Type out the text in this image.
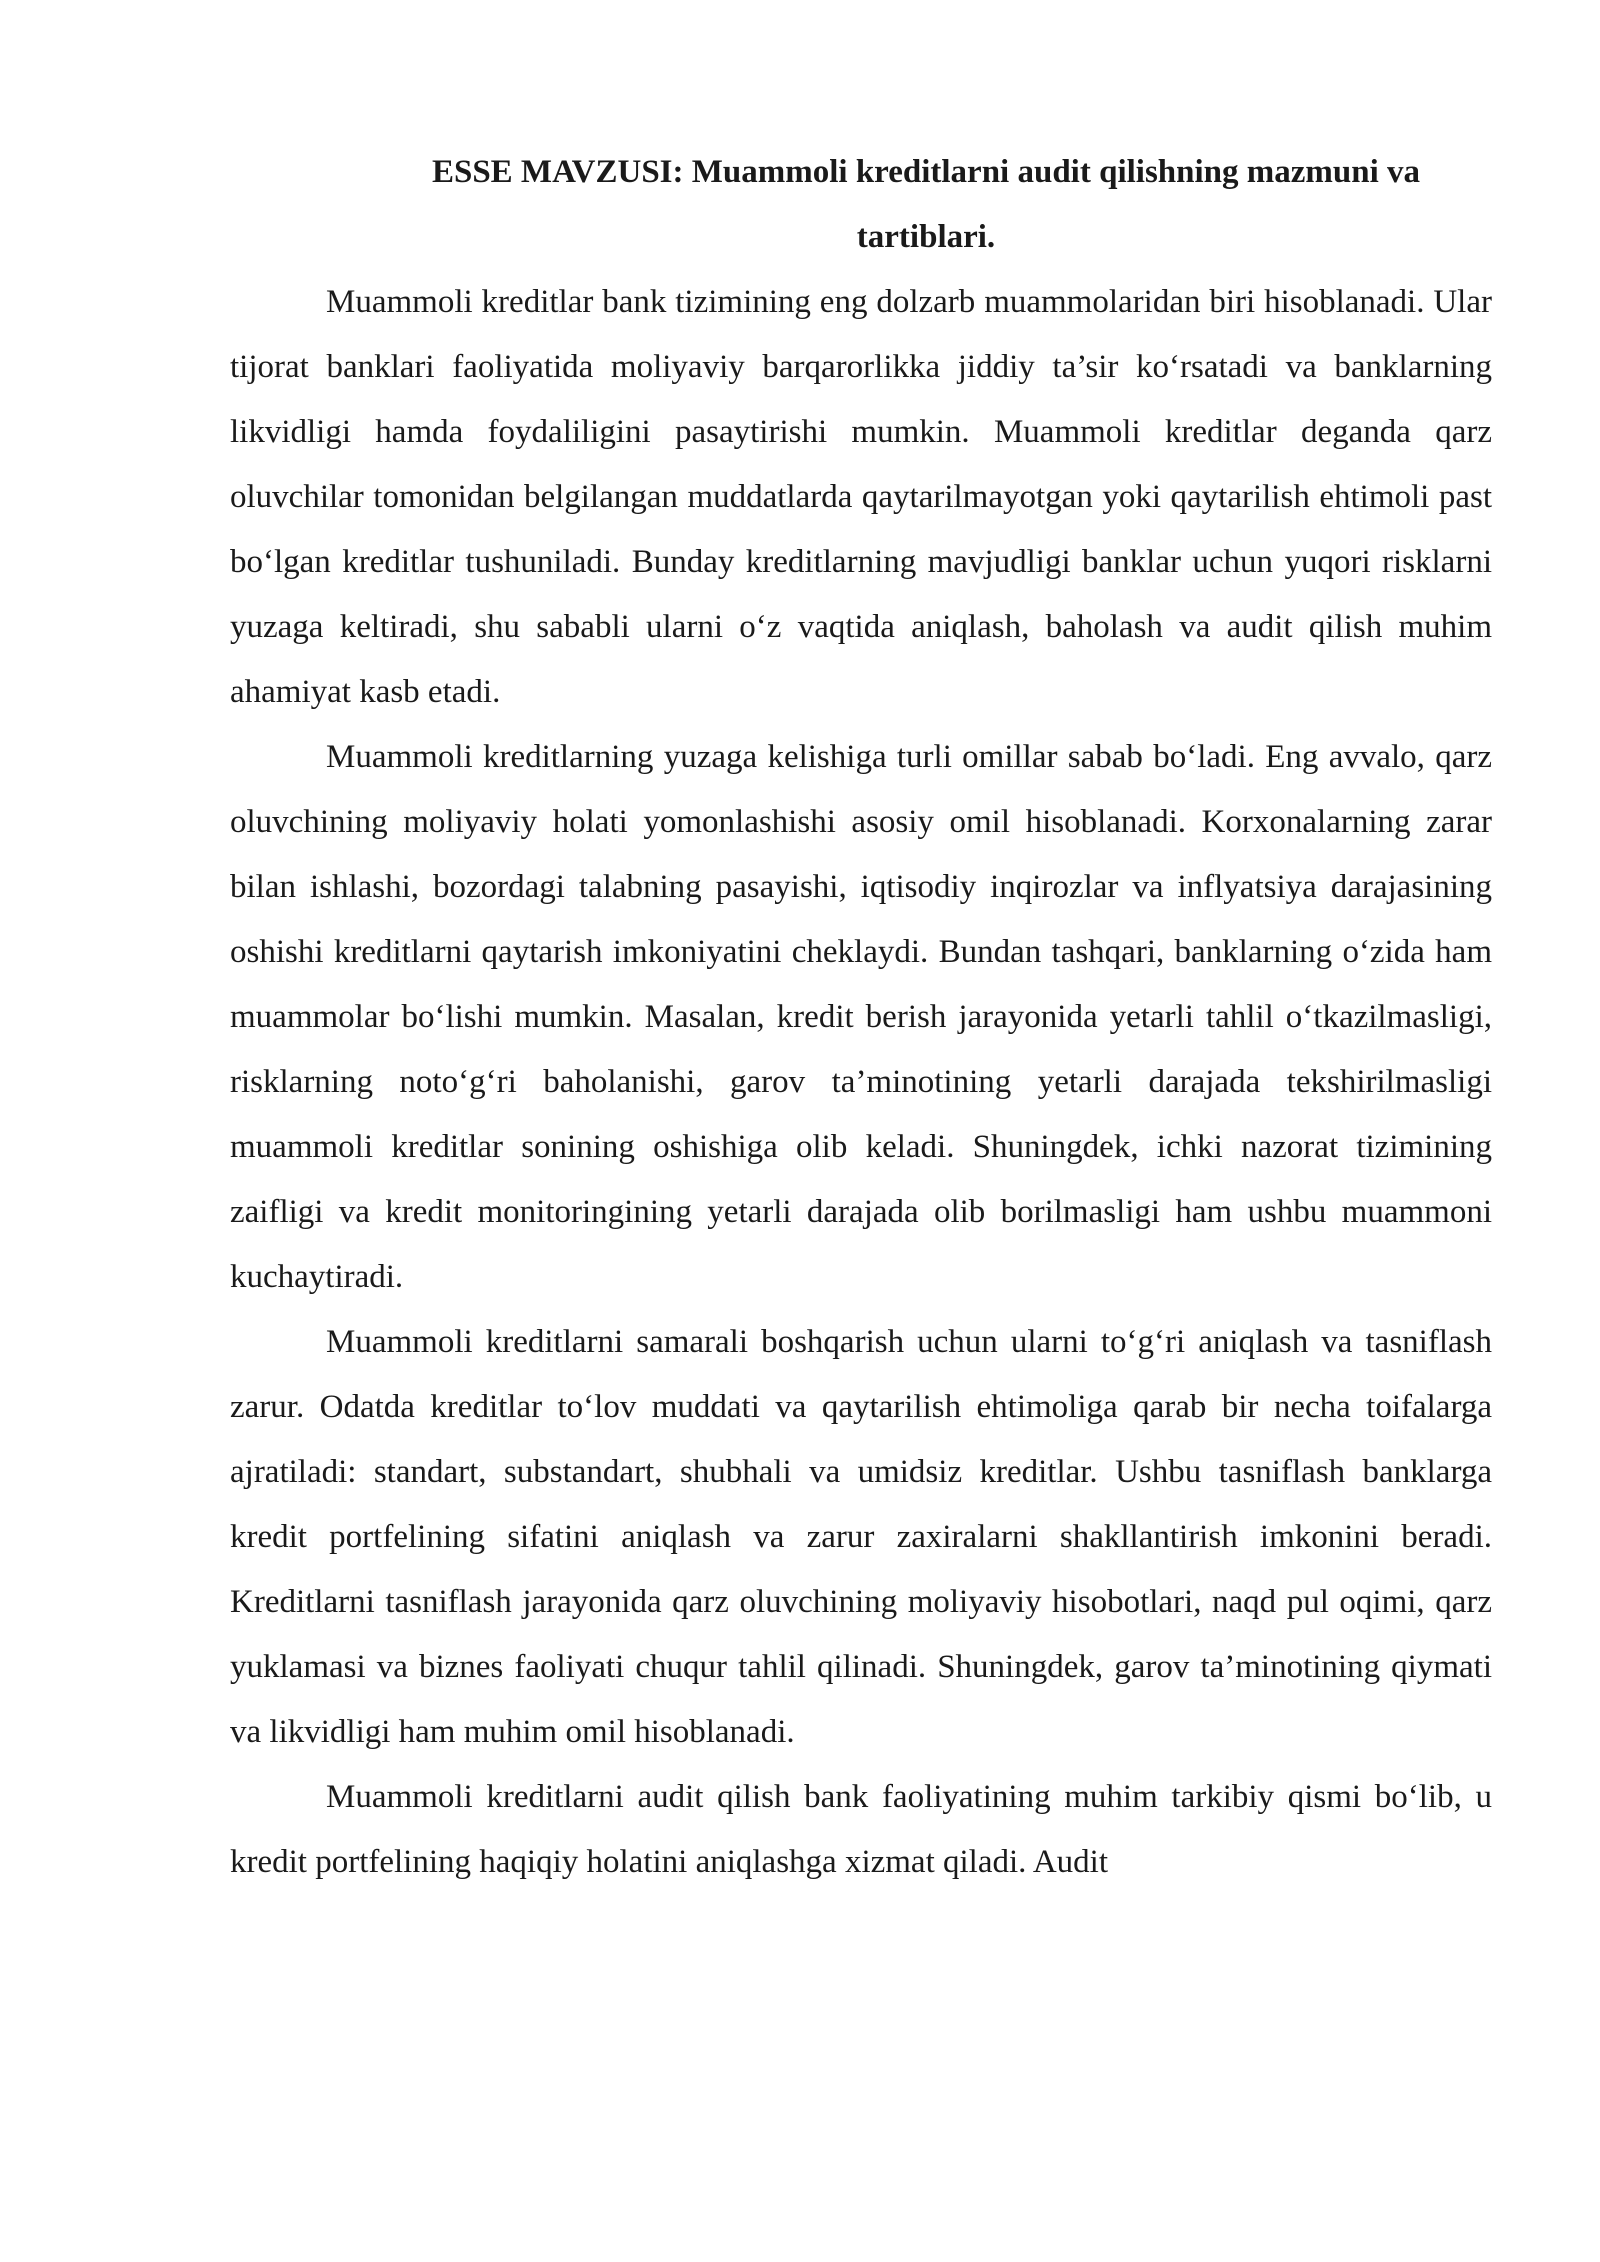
ESSE MAVZUSI: Muammoli kreditlarni audit qilishning mazmuni va
tartiblari.

Muammoli kreditlar bank tizimining eng dolzarb muammolaridan biri hisoblanadi. Ular tijorat banklari faoliyatida moliyaviy barqarorlikka jiddiy ta’sir ko‘rsatadi va banklarning likvidligi hamda foydaliligini pasaytirishi mumkin. Muammoli kreditlar deganda qarz oluvchilar tomonidan belgilangan muddatlarda qaytarilmayotgan yoki qaytarilish ehtimoli past bo‘lgan kreditlar tushuniladi. Bunday kreditlarning mavjudligi banklar uchun yuqori risklarni yuzaga keltiradi, shu sababli ularni o‘z vaqtida aniqlash, baholash va audit qilish muhim ahamiyat kasb etadi.

Muammoli kreditlarning yuzaga kelishiga turli omillar sabab bo‘ladi. Eng avvalo, qarz oluvchining moliyaviy holati yomonlashishi asosiy omil hisoblanadi. Korxonalarning zarar bilan ishlashi, bozordagi talabning pasayishi, iqtisodiy inqirozlar va inflyatsiya darajasining oshishi kreditlarni qaytarish imkoniyatini cheklaydi. Bundan tashqari, banklarning o‘zida ham muammolar bo‘lishi mumkin. Masalan, kredit berish jarayonida yetarli tahlil o‘tkazilmasligi, risklarning noto‘g‘ri baholanishi, garov ta’minotining yetarli darajada tekshirilmasligi muammoli kreditlar sonining oshishiga olib keladi. Shuningdek, ichki nazorat tizimining zaifligi va kredit monitoringining yetarli darajada olib borilmasligi ham ushbu muammoni kuchaytiradi.

Muammoli kreditlarni samarali boshqarish uchun ularni to‘g‘ri aniqlash va tasniflash zarur. Odatda kreditlar to‘lov muddati va qaytarilish ehtimoliga qarab bir necha toifalarga ajratiladi: standart, substandart, shubhali va umidsiz kreditlar. Ushbu tasniflash banklarga kredit portfelining sifatini aniqlash va zarur zaxiralarni shakllantirish imkonini beradi. Kreditlarni tasniflash jarayonida qarz oluvchining moliyaviy hisobotlari, naqd pul oqimi, qarz yuklamasi va biznes faoliyati chuqur tahlil qilinadi. Shuningdek, garov ta’minotining qiymati va likvidligi ham muhim omil hisoblanadi.

Muammoli kreditlarni audit qilish bank faoliyatining muhim tarkibiy qismi bo‘lib, u kredit portfelining haqiqiy holatini aniqlashga xizmat qiladi. Audit
